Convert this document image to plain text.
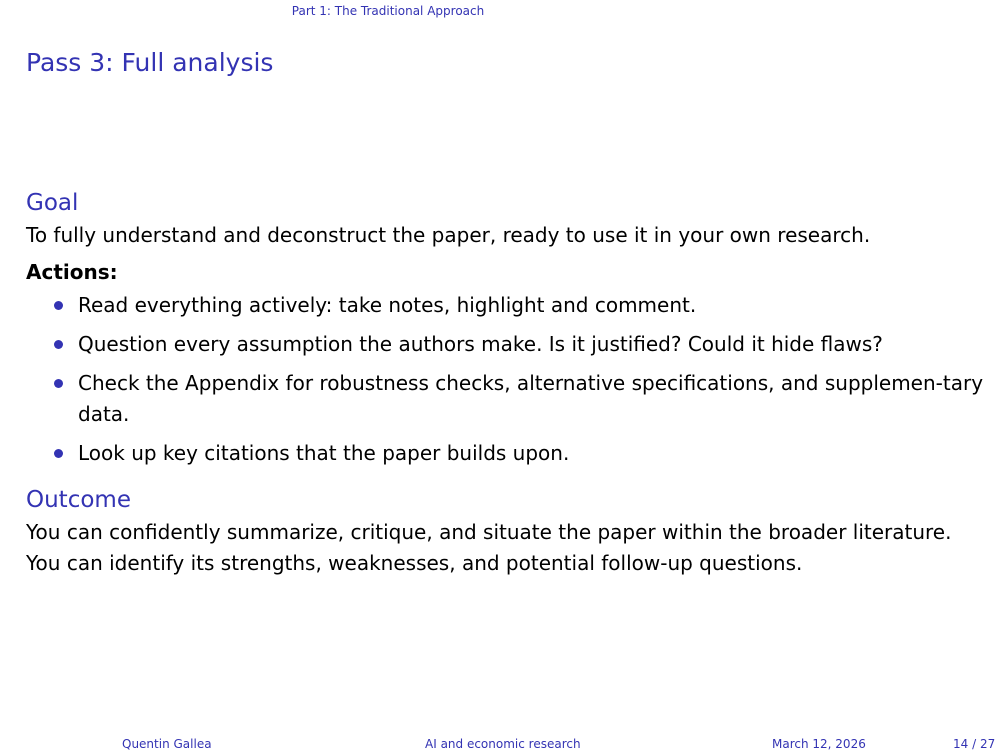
Part 1: The Traditional Approach
Pass 3: Full analysis
Goal

To fully understand and deconstruct the paper, ready to use it in your own research.

Actions:
Read everything actively: take notes, highlight and comment.
Question every assumption the authors make. Is it justified? Could it hide flaws?
Check the Appendix for robustness checks, alternative specifications, and supplemen-tary data.
Look up key citations that the paper builds upon.
Outcome

You can confidently summarize, critique, and situate the paper within the broader literature. You can identify its strengths, weaknesses, and potential follow-up questions.

Quentin Gallea	AI and economic research	March 12, 2026	14 / 27
